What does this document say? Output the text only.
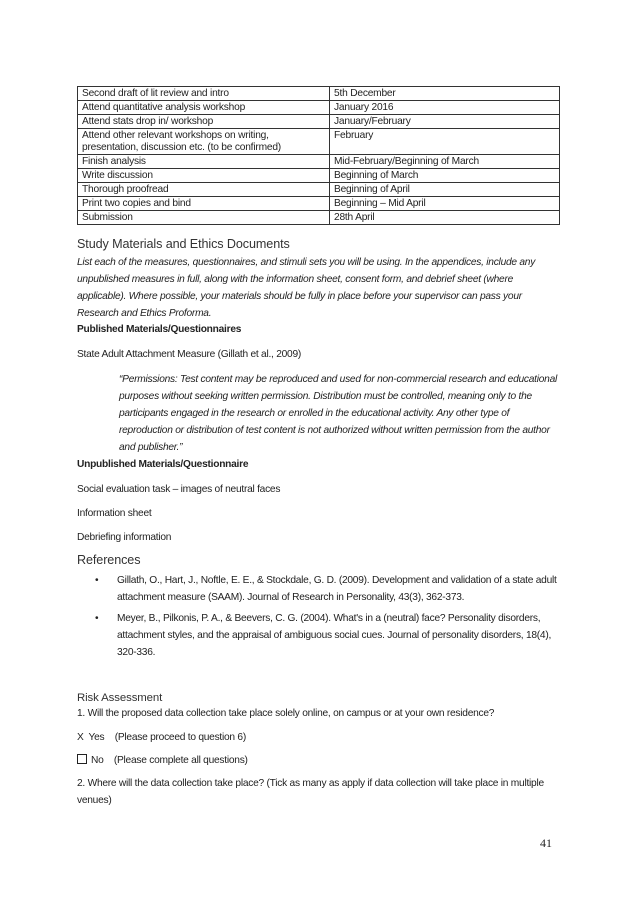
Second draft of lit review and intro	5th December
Attend quantitative analysis workshop	January 2016
Attend stats drop in/ workshop	January/February
Attend other relevant workshops on writing, presentation, discussion etc. (to be confirmed)	February
Finish analysis	Mid-February/Beginning of March
Write discussion	Beginning of March
Thorough proofread	Beginning of April
Print two copies and bind	Beginning – Mid April
Submission	28th April
Study Materials and Ethics Documents
List each of the measures, questionnaires, and stimuli sets you will be using. In the appendices, include any unpublished measures in full, along with the information sheet, consent form, and debrief sheet (where applicable). Where possible, your materials should be fully in place before your supervisor can pass your Research and Ethics Proforma.
Published Materials/Questionnaires
State Adult Attachment Measure (Gillath et al., 2009)
“Permissions: Test content may be reproduced and used for non-commercial research and educational purposes without seeking written permission. Distribution must be controlled, meaning only to the participants engaged in the research or enrolled in the educational activity. Any other type of reproduction or distribution of test content is not authorized without written permission from the author and publisher.”
Unpublished Materials/Questionnaire
Social evaluation task – images of neutral faces
Information sheet
Debriefing information
References
• Gillath, O., Hart, J., Noftle, E. E., & Stockdale, G. D. (2009). Development and validation of a state adult attachment measure (SAAM). Journal of Research in Personality, 43(3), 362-373.
• Meyer, B., Pilkonis, P. A., & Beevers, C. G. (2004). What's in a (neutral) face? Personality disorders, attachment styles, and the appraisal of ambiguous social cues. Journal of personality disorders, 18(4), 320-336.
Risk Assessment
1. Will the proposed data collection take place solely online, on campus or at your own residence?
X Yes (Please proceed to question 6)
No (Please complete all questions)
2. Where will the data collection take place? (Tick as many as apply if data collection will take place in multiple venues)
41
